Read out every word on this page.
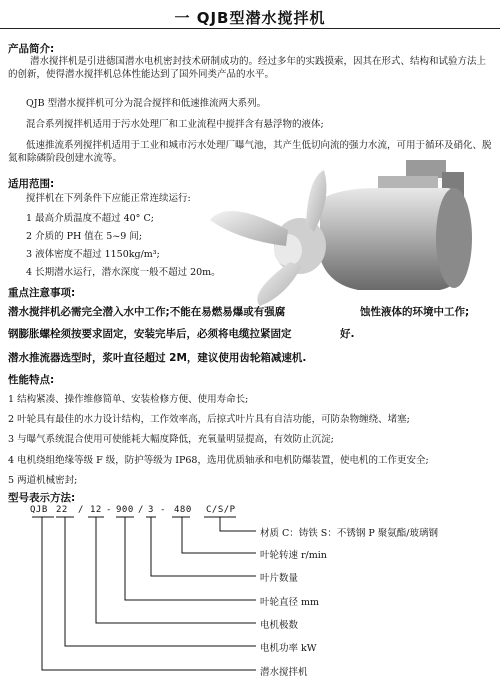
一 QJB型潜水搅拌机
产品简介:
潜水搅拌机是引进德国潜水电机密封技术研制成功的。经过多年的实践摸索，因其在形式、结构和试验方法上的创新，使得潜水搅拌机总体性能达到了国外同类产品的水平。
QJB 型潜水搅拌机可分为混合搅拌和低速推流两大系列。
混合系列搅拌机适用于污水处理厂和工业流程中搅拌含有悬浮物的液体;
低速推流系列搅拌机适用于工业和城市污水处理厂曝气池，其产生低切向流的强力水流，可用于循环及硝化、脱氮和除磷阶段创建水流等。
适用范围:
搅拌机在下列条件下应能正常连续运行:
1 最高介质温度不超过 40° C;
2 介质的 PH 值在 5~9 间;
3 液体密度不超过 1150kg/m³;
4 长期潜水运行，潜水深度一般不超过 20m。
重点注意事项:
潜水搅拌机必需完全潜入水中工作;不能在易燃易爆或有强腐	蚀性液体的环境中工作;
钢膨胀螺栓须按要求固定，安装完毕后，必须将电缆拉紧固定	好.
潜水推流器选型时，浆叶直径超过 2M，建议使用齿轮箱减速机.
性能特点:
1 结构紧凑、操作维修简单、安装检修方便、使用寿命长;
2 叶轮具有最佳的水力设计结构，工作效率高，后掠式叶片具有自洁功能，可防杂物缠绕、堵塞;
3 与曝气系统混合使用可使能耗大幅度降低，充氧量明显提高，有效防止沉淀;
4 电机绕组绝缘等级 F 级，防护等级为 IP68，选用优质轴承和电机防爆装置，使电机的工作更安全;
5 两道机械密封;
型号表示方法:
QJB 22 / 12 - 900 / 3 - 480 C/S/P
材质 C：铸铁 S：不锈钢 P 聚氨酯/玻璃钢
叶轮转速 r/min
叶片数量
叶轮直径 mm
电机极数
电机功率 kW
潜水搅拌机
